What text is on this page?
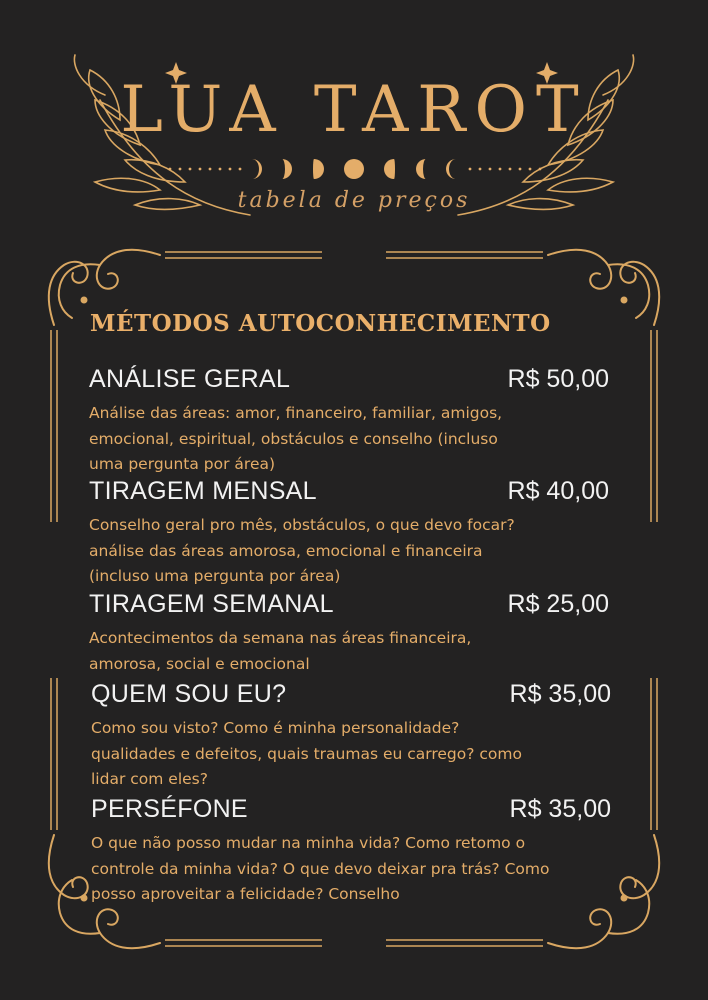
LUA TAROT
tabela de preços
MÉTODOS AUTOCONHECIMENTO
ANÁLISE GERAL	R$ 50,00
Análise das áreas: amor, financeiro, familiar, amigos, emocional, espiritual, obstáculos e conselho (incluso uma pergunta por área)
TIRAGEM MENSAL	R$ 40,00
Conselho geral pro mês, obstáculos, o que devo focar? análise das áreas amorosa, emocional e financeira (incluso uma pergunta por área)
TIRAGEM SEMANAL	R$ 25,00
Acontecimentos da semana nas áreas financeira, amorosa, social e emocional
QUEM SOU EU?	R$ 35,00
Como sou visto? Como é minha personalidade? qualidades e defeitos, quais traumas eu carrego? como lidar com eles?
PERSÉFONE	R$ 35,00
O que não posso mudar na minha vida? Como retomo o controle da minha vida? O que devo deixar pra trás? Como posso aproveitar a felicidade? Conselho
